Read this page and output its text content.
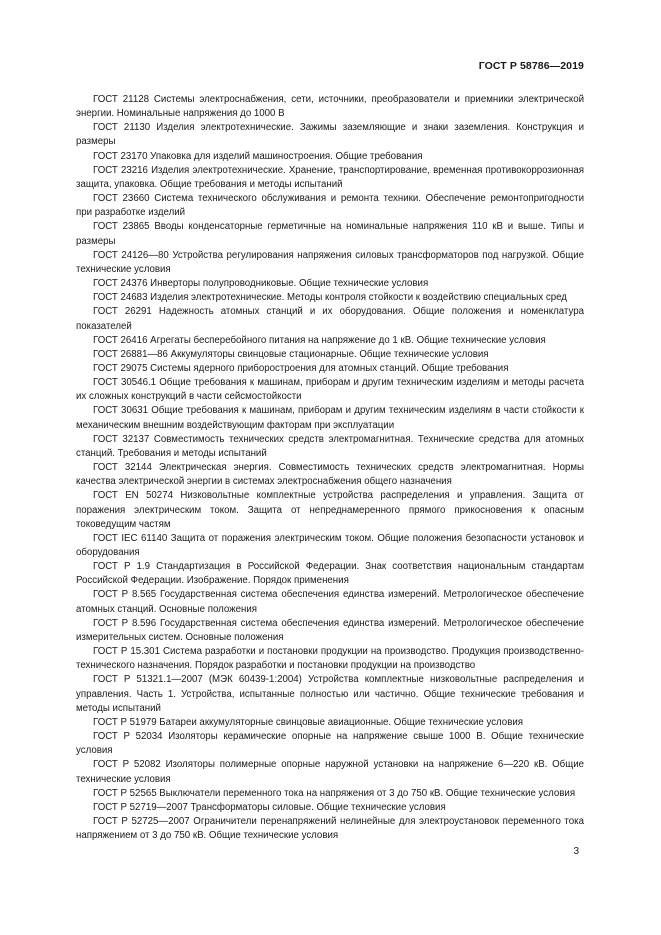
ГОСТ Р 58786—2019

ГОСТ 21128 Системы электроснабжения, сети, источники, преобразователи и приемники электрической энергии. Номинальные напряжения до 1000 В

ГОСТ 21130 Изделия электротехнические. Зажимы заземляющие и знаки заземления. Конструкция и размеры

ГОСТ 23170 Упаковка для изделий машиностроения. Общие требования

ГОСТ 23216 Изделия электротехнические. Хранение, транспортирование, временная противокоррозионная защита, упаковка. Общие требования и методы испытаний

ГОСТ 23660 Система технического обслуживания и ремонта техники. Обеспечение ремонтопригодности при разработке изделий

ГОСТ 23865 Вводы конденсаторные герметичные на номинальные напряжения 110 кВ и выше. Типы и размеры

ГОСТ 24126—80 Устройства регулирования напряжения силовых трансформаторов под нагрузкой. Общие технические условия

ГОСТ 24376 Инверторы полупроводниковые. Общие технические условия

ГОСТ 24683 Изделия электротехнические. Методы контроля стойкости к воздействию специальных сред

ГОСТ 26291 Надежность атомных станций и их оборудования. Общие положения и номенклатура показателей

ГОСТ 26416 Агрегаты бесперебойного питания на напряжение до 1 кВ. Общие технические условия

ГОСТ 26881—86 Аккумуляторы свинцовые стационарные. Общие технические условия

ГОСТ 29075 Системы ядерного приборостроения для атомных станций. Общие требования

ГОСТ 30546.1 Общие требования к машинам, приборам и другим техническим изделиям и методы расчета их сложных конструкций в части сейсмостойкости

ГОСТ 30631 Общие требования к машинам, приборам и другим техническим изделиям в части стойкости к механическим внешним воздействующим факторам при эксплуатации

ГОСТ 32137 Совместимость технических средств электромагнитная. Технические средства для атомных станций. Требования и методы испытаний

ГОСТ 32144 Электрическая энергия. Совместимость технических средств электромагнитная. Нормы качества электрической энергии в системах электроснабжения общего назначения

ГОСТ EN 50274 Низковольтные комплектные устройства распределения и управления. Защита от поражения электрическим током. Защита от непреднамеренного прямого прикосновения к опасным токоведущим частям

ГОСТ IEC 61140 Защита от поражения электрическим током. Общие положения безопасности установок и оборудования

ГОСТ Р 1.9 Стандартизация в Российской Федерации. Знак соответствия национальным стандартам Российской Федерации. Изображение. Порядок применения

ГОСТ Р 8.565 Государственная система обеспечения единства измерений. Метрологическое обеспечение атомных станций. Основные положения

ГОСТ Р 8.596 Государственная система обеспечения единства измерений. Метрологическое обеспечение измерительных систем. Основные положения

ГОСТ Р 15.301 Система разработки и постановки продукции на производство. Продукция производственно-технического назначения. Порядок разработки и постановки продукции на производство

ГОСТ Р 51321.1—2007 (МЭК 60439-1:2004) Устройства комплектные низковольтные распределения и управления. Часть 1. Устройства, испытанные полностью или частично. Общие технические требования и методы испытаний

ГОСТ Р 51979 Батареи аккумуляторные свинцовые авиационные. Общие технические условия

ГОСТ Р 52034 Изоляторы керамические опорные на напряжение свыше 1000 В. Общие технические условия

ГОСТ Р 52082 Изоляторы полимерные опорные наружной установки на напряжение 6—220 кВ. Общие технические условия

ГОСТ Р 52565 Выключатели переменного тока на напряжения от 3 до 750 кВ. Общие технические условия

ГОСТ Р 52719—2007 Трансформаторы силовые. Общие технические условия

ГОСТ Р 52725—2007 Ограничители перенапряжений нелинейные для электроустановок переменного тока напряжением от 3 до 750 кВ. Общие технические условия

3
